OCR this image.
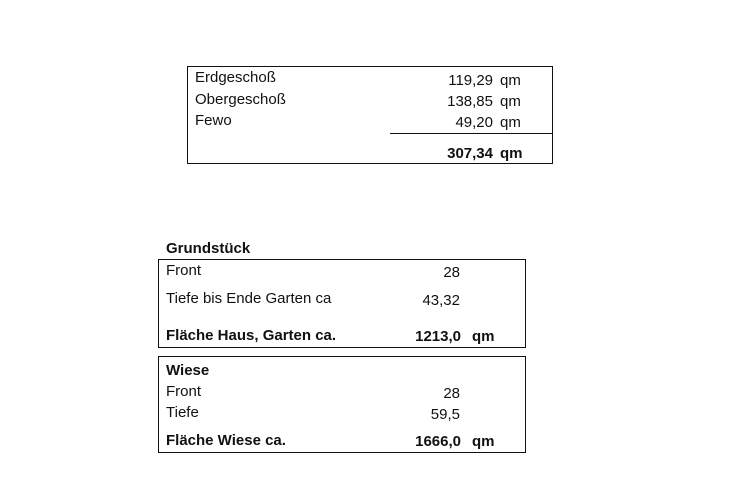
Erdgeschoß	119,29 qm
Obergeschoß	138,85 qm
Fewo	49,20 qm
307,34 qm
Grundstück
Front	28
Tiefe bis Ende Garten ca	43,32
Fläche Haus, Garten ca.	1213,0 qm
Wiese
Front	28
Tiefe	59,5
Fläche Wiese ca.	1666,0 qm
